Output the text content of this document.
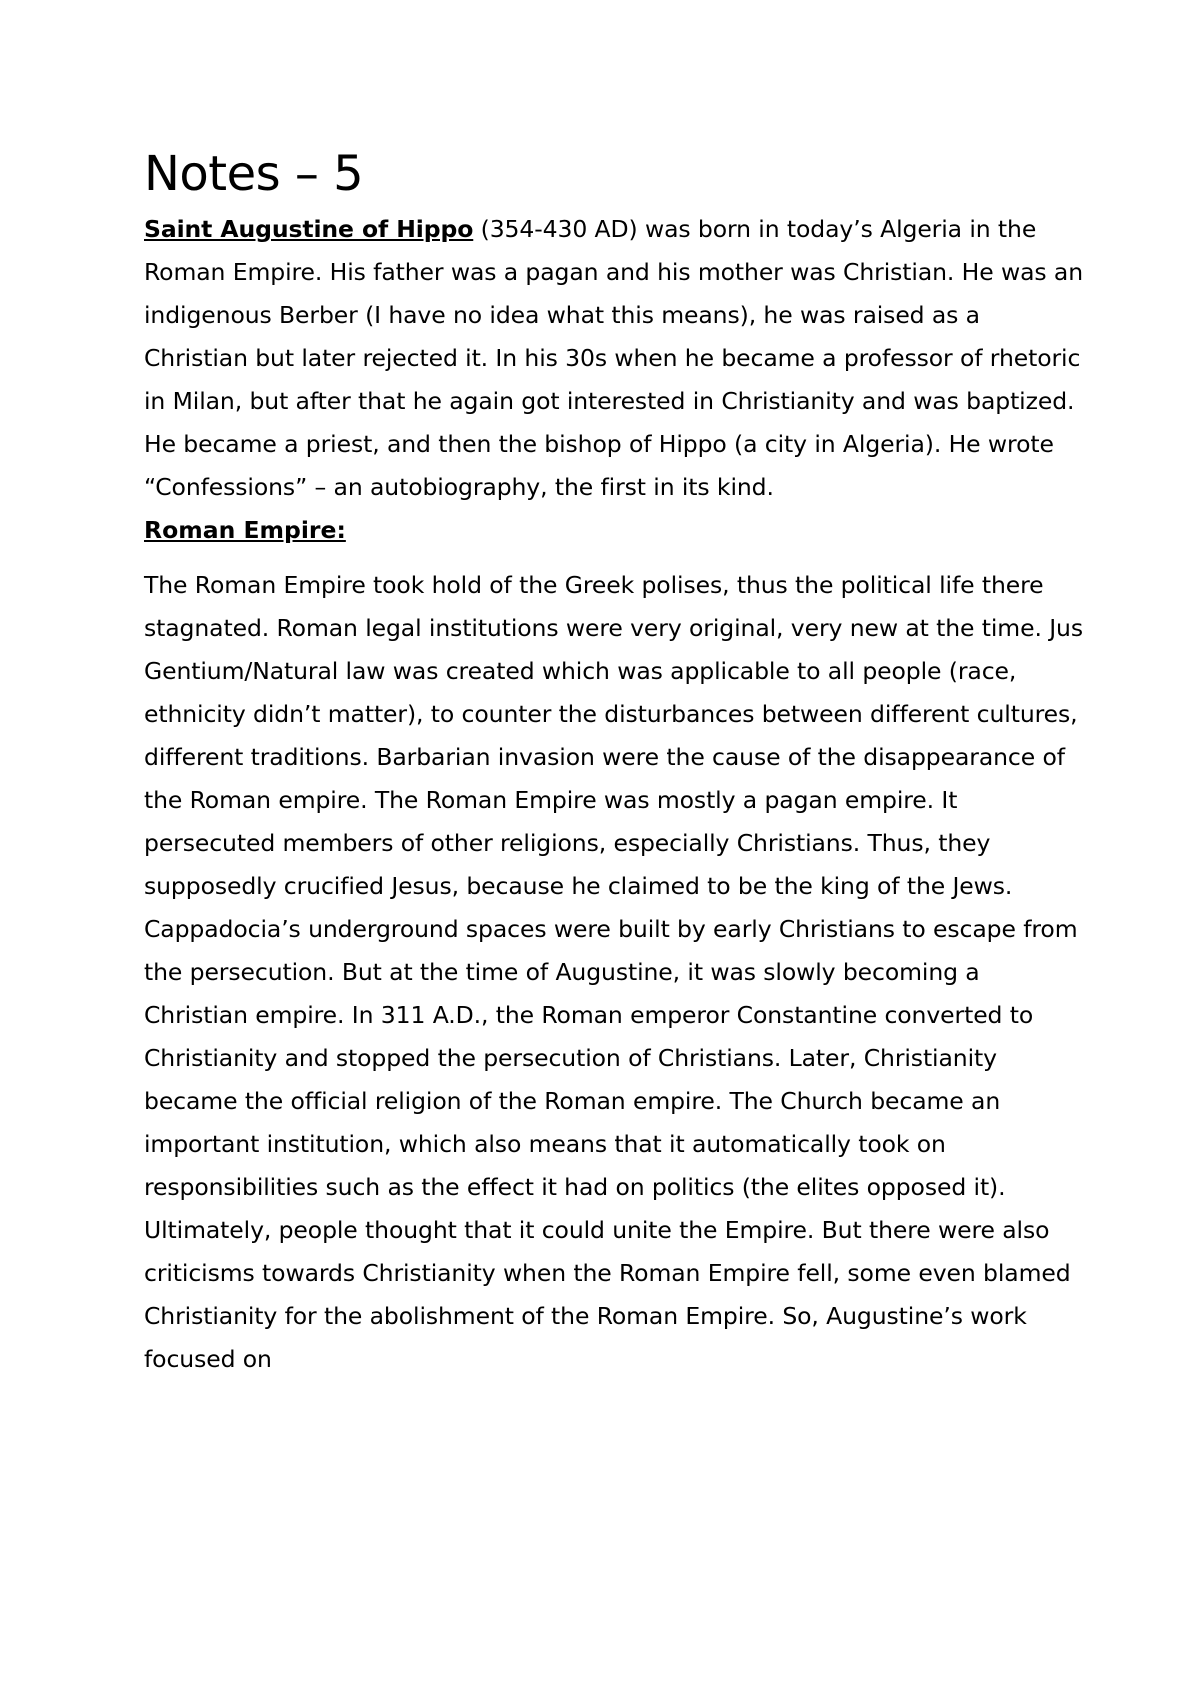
Notes – 5

Saint Augustine of Hippo (354-430 AD) was born in today’s Algeria in the Roman Empire. His father was a pagan and his mother was Christian. He was an indigenous Berber (I have no idea what this means), he was raised as a Christian but later rejected it. In his 30s when he became a professor of rhetoric in Milan, but after that he again got interested in Christianity and was baptized. He became a priest, and then the bishop of Hippo (a city in Algeria). He wrote “Confessions” – an autobiography, the first in its kind.

Roman Empire:

The Roman Empire took hold of the Greek polises, thus the political life there stagnated. Roman legal institutions were very original, very new at the time. Jus Gentium/Natural law was created which was applicable to all people (race, ethnicity didn’t matter), to counter the disturbances between different cultures, different traditions. Barbarian invasion were the cause of the disappearance of the Roman empire. The Roman Empire was mostly a pagan empire. It persecuted members of other religions, especially Christians. Thus, they supposedly crucified Jesus, because he claimed to be the king of the Jews. Cappadocia’s underground spaces were built by early Christians to escape from the persecution. But at the time of Augustine, it was slowly becoming a Christian empire. In 311 A.D., the Roman emperor Constantine converted to Christianity and stopped the persecution of Christians. Later, Christianity became the official religion of the Roman empire. The Church became an important institution, which also means that it automatically took on responsibilities such as the effect it had on politics (the elites opposed it). Ultimately, people thought that it could unite the Empire. But there were also criticisms towards Christianity when the Roman Empire fell, some even blamed Christianity for the abolishment of the Roman Empire. So, Augustine’s work focused on
